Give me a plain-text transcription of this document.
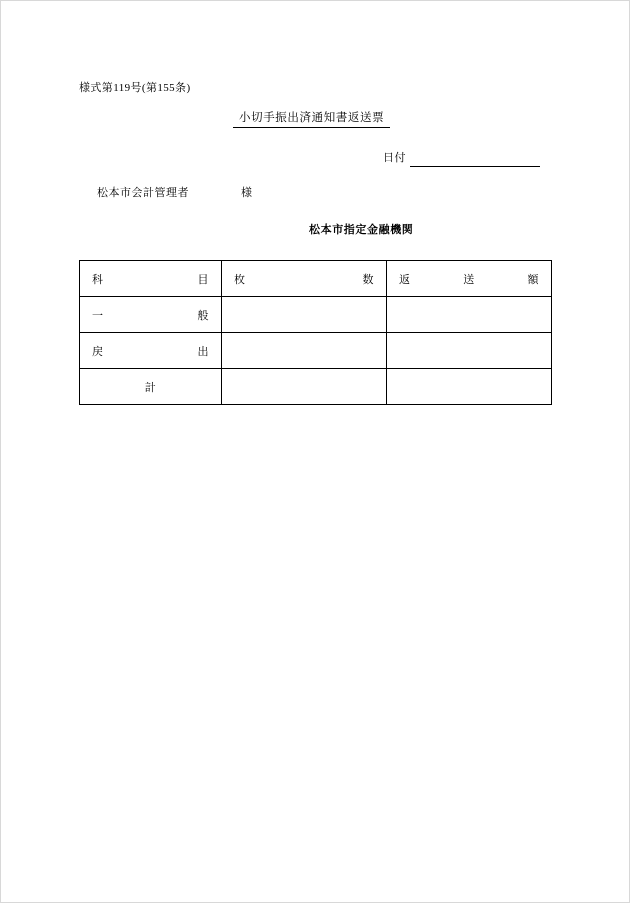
様式第119号(第155条)
小切手振出済通知書返送票
日付
松本市会計管理者	様
松本市指定金融機関
科 目	枚 数	返 送 額

一 般		

戻 出		

計		
